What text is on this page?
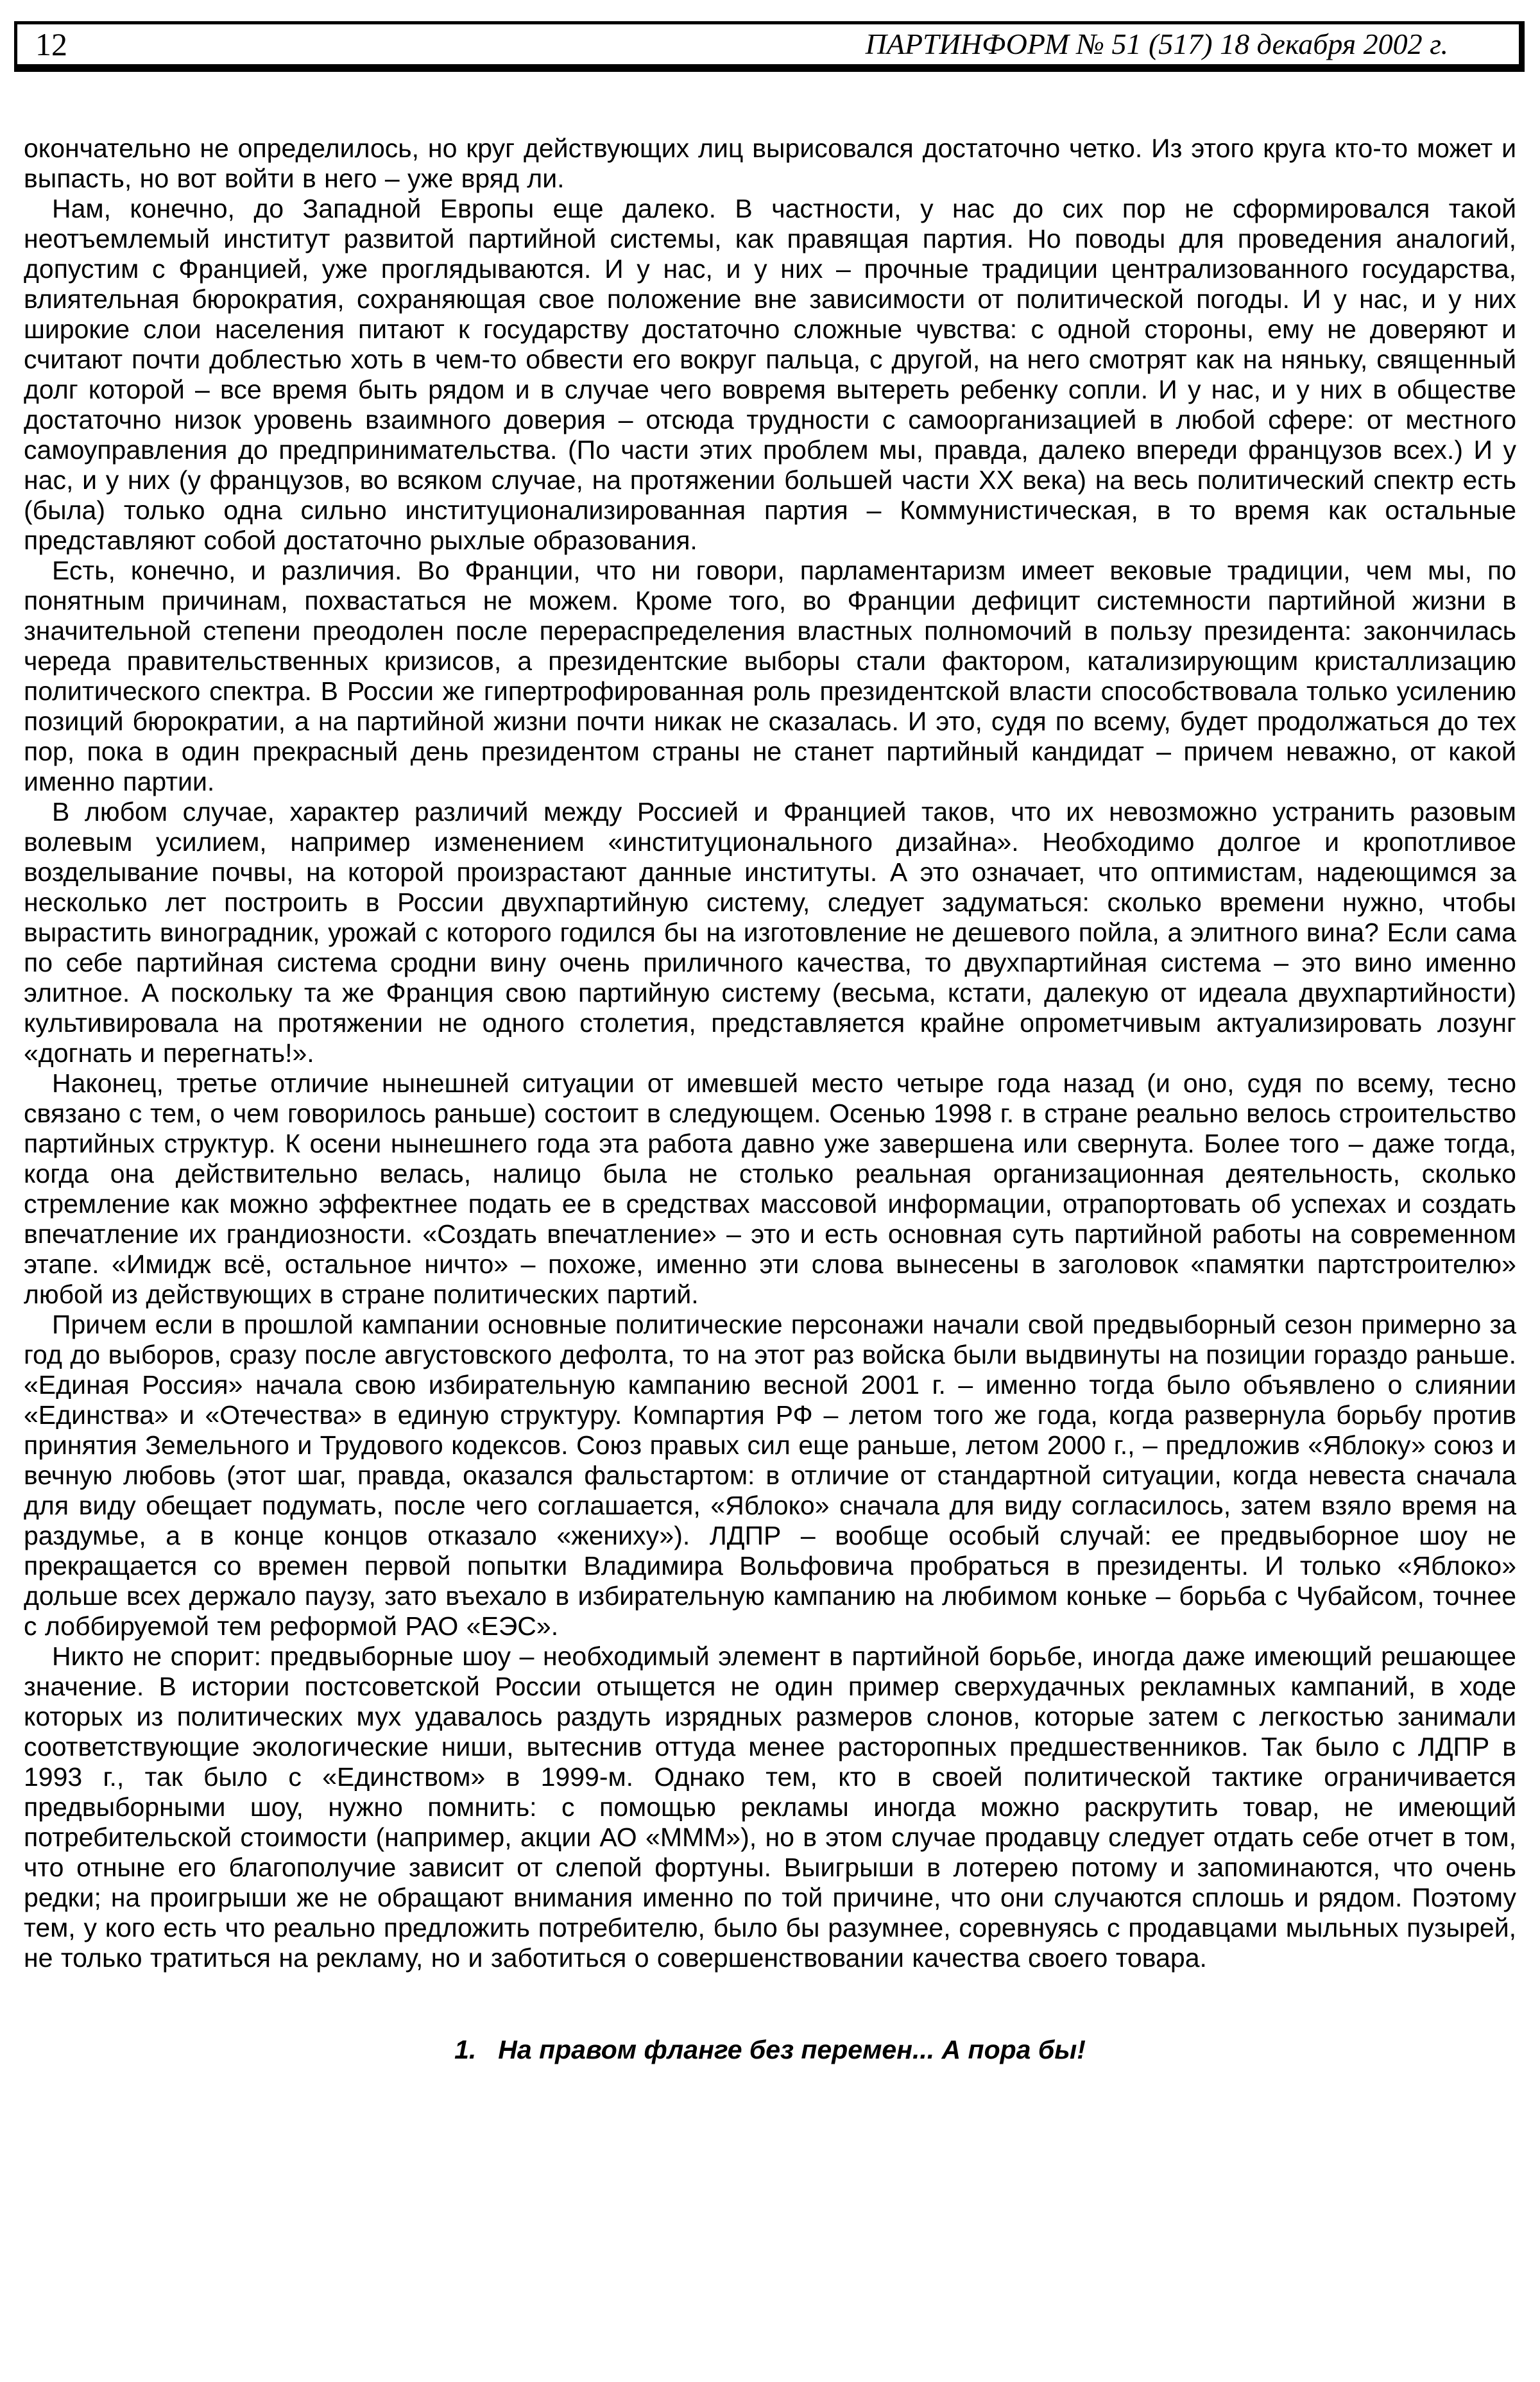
12	ПАРТИНФОРМ № 51 (517) 18 декабря 2002 г.

окончательно не определилось, но круг действующих лиц вырисовался достаточно четко. Из этого круга кто-то может и выпасть, но вот войти в него – уже вряд ли.

Нам, конечно, до Западной Европы еще далеко. В частности, у нас до сих пор не сформировался такой неотъемлемый институт развитой партийной системы, как правящая партия. Но поводы для проведения аналогий, допустим с Францией, уже проглядываются. И у нас, и у них – прочные традиции централизованного государства, влиятельная бюрократия, сохраняющая свое положение вне зависимости от политической погоды. И у нас, и у них широкие слои населения питают к государству достаточно сложные чувства: с одной стороны, ему не доверяют и считают почти доблестью хоть в чем-то обвести его вокруг пальца, с другой, на него смотрят как на няньку, священный долг которой – все время быть рядом и в случае чего вовремя вытереть ребенку сопли. И у нас, и у них в обществе достаточно низок уровень взаимного доверия – отсюда трудности с самоорганизацией в любой сфере: от местного самоуправления до предпринимательства. (По части этих проблем мы, правда, далеко впереди французов всех.) И у нас, и у них (у французов, во всяком случае, на протяжении большей части XX века) на весь политический спектр есть (была) только одна сильно институционализированная партия – Коммунистическая, в то время как остальные представляют собой достаточно рыхлые образования.

Есть, конечно, и различия. Во Франции, что ни говори, парламентаризм имеет вековые традиции, чем мы, по понятным причинам, похвастаться не можем. Кроме того, во Франции дефицит системности партийной жизни в значительной степени преодолен после перераспределения властных полномочий в пользу президента: закончилась череда правительственных кризисов, а президентские выборы стали фактором, катализирующим кристаллизацию политического спектра. В России же гипертрофированная роль президентской власти способствовала только усилению позиций бюрократии, а на партийной жизни почти никак не сказалась. И это, судя по всему, будет продолжаться до тех пор, пока в один прекрасный день президентом страны не станет партийный кандидат – причем неважно, от какой именно партии.

В любом случае, характер различий между Россией и Францией таков, что их невозможно устранить разовым волевым усилием, например изменением «институционального дизайна». Необходимо долгое и кропотливое возделывание почвы, на которой произрастают данные институты. А это означает, что оптимистам, надеющимся за несколько лет построить в России двухпартийную систему, следует задуматься: сколько времени нужно, чтобы вырастить виноградник, урожай с которого годился бы на изготовление не дешевого пойла, а элитного вина? Если сама по себе партийная система сродни вину очень приличного качества, то двухпартийная система – это вино именно элитное. А поскольку та же Франция свою партийную систему (весьма, кстати, далекую от идеала двухпартийности) культивировала на протяжении не одного столетия, представляется крайне опрометчивым актуализировать лозунг «догнать и перегнать!».

Наконец, третье отличие нынешней ситуации от имевшей место четыре года назад (и оно, судя по всему, тесно связано с тем, о чем говорилось раньше) состоит в следующем. Осенью 1998 г. в стране реально велось строительство партийных структур. К осени нынешнего года эта работа давно уже завершена или свернута. Более того – даже тогда, когда она действительно велась, налицо была не столько реальная организационная деятельность, сколько стремление как можно эффектнее подать ее в средствах массовой информации, отрапортовать об успехах и создать впечатление их грандиозности. «Создать впечатление» – это и есть основная суть партийной работы на современном этапе. «Имидж всё, остальное ничто» – похоже, именно эти слова вынесены в заголовок «памятки партстроителю» любой из действующих в стране политических партий.

Причем если в прошлой кампании основные политические персонажи начали свой предвыборный сезон примерно за год до выборов, сразу после августовского дефолта, то на этот раз войска были выдвинуты на позиции гораздо раньше. «Единая Россия» начала свою избирательную кампанию весной 2001 г. – именно тогда было объявлено о слиянии «Единства» и «Отечества» в единую структуру. Компартия РФ – летом того же года, когда развернула борьбу против принятия Земельного и Трудового кодексов. Союз правых сил еще раньше, летом 2000 г., – предложив «Яблоку» союз и вечную любовь (этот шаг, правда, оказался фальстартом: в отличие от стандартной ситуации, когда невеста сначала для виду обещает подумать, после чего соглашается, «Яблоко» сначала для виду согласилось, затем взяло время на раздумье, а в конце концов отказало «жениху»). ЛДПР – вообще особый случай: ее предвыборное шоу не прекращается со времен первой попытки Владимира Вольфовича пробраться в президенты. И только «Яблоко» дольше всех держало паузу, зато въехало в избирательную кампанию на любимом коньке – борьба с Чубайсом, точнее с лоббируемой тем реформой РАО «ЕЭС».

Никто не спорит: предвыборные шоу – необходимый элемент в партийной борьбе, иногда даже имеющий решающее значение. В истории постсоветской России отыщется не один пример сверхудачных рекламных кампаний, в ходе которых из политических мух удавалось раздуть изрядных размеров слонов, которые затем с легкостью занимали соответствующие экологические ниши, вытеснив оттуда менее расторопных предшественников. Так было с ЛДПР в 1993 г., так было с «Единством» в 1999-м. Однако тем, кто в своей политической тактике ограничивается предвыборными шоу, нужно помнить: с помощью рекламы иногда можно раскрутить товар, не имеющий потребительской стоимости (например, акции АО «МММ»), но в этом случае продавцу следует отдать себе отчет в том, что отныне его благополучие зависит от слепой фортуны. Выигрыши в лотерею потому и запоминаются, что очень редки; на проигрыши же не обращают внимания именно по той причине, что они случаются сплошь и рядом. Поэтому тем, у кого есть что реально предложить потребителю, было бы разумнее, соревнуясь с продавцами мыльных пузырей, не только тратиться на рекламу, но и заботиться о совершенствовании качества своего товара.

1. На правом фланге без перемен... А пора бы!
